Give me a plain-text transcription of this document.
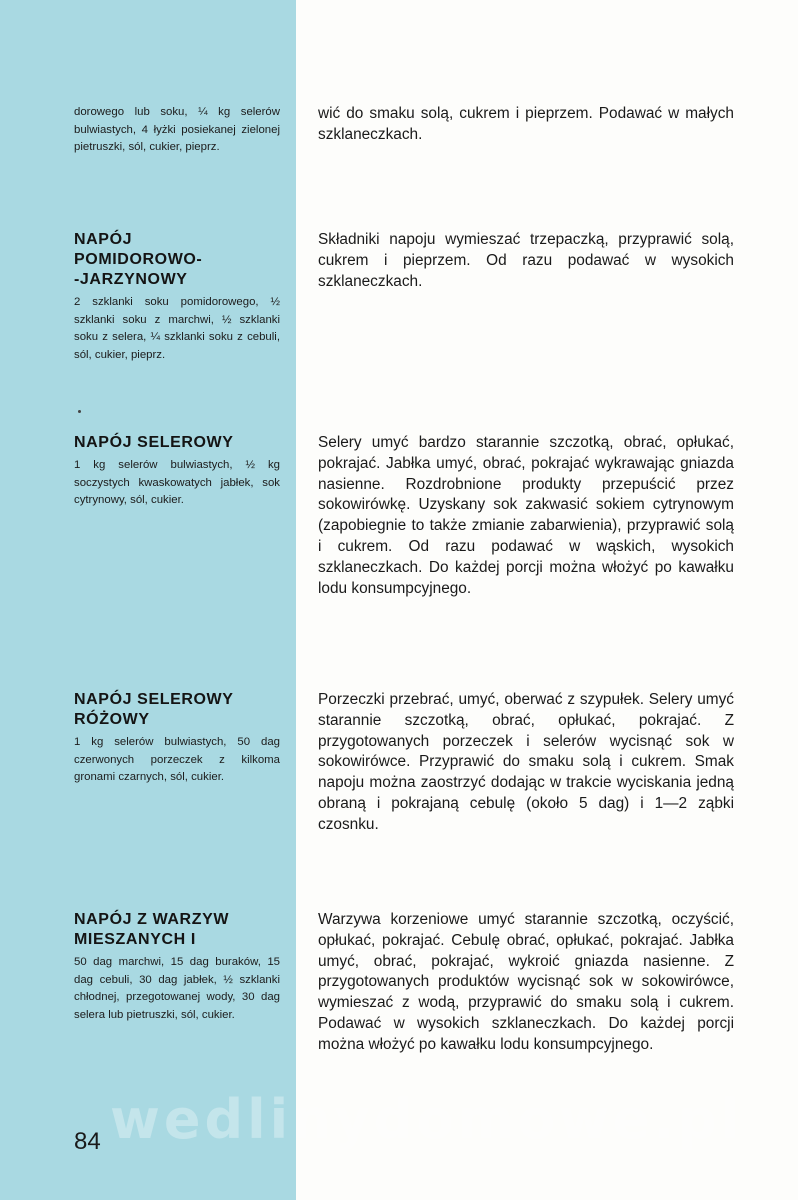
dorowego lub soku, ¼ kg selerów bulwiastych, 4 łyżki posiekanej zielonej pietruszki, sól, cukier, pieprz.

wić do smaku solą, cukrem i pieprzem. Podawać w małych szklaneczkach.

NAPÓJ
POMIDOROWO-
-JARZYNOWY

2 szklanki soku pomidorowego, ½ szklanki soku z marchwi, ½ szklanki soku z selera, ¼ szklanki soku z cebuli, sól, cukier, pieprz.

Składniki napoju wymieszać trzepaczką, przyprawić solą, cukrem i pieprzem. Od razu podawać w wysokich szklaneczkach.

NAPÓJ SELEROWY

1 kg selerów bulwiastych, ½ kg soczystych kwaskowatych jabłek, sok cytrynowy, sól, cukier.

Selery umyć bardzo starannie szczotką, obrać, opłukać, pokrajać. Jabłka umyć, obrać, pokrajać wykrawając gniazda nasienne. Rozdrobnione produkty przepuścić przez sokowirówkę. Uzyskany sok zakwasić sokiem cytrynowym (zapobiegnie to także zmianie zabarwienia), przyprawić solą i cukrem. Od razu podawać w wąskich, wysokich szklaneczkach. Do każdej porcji można włożyć po kawałku lodu konsumpcyjnego.

NAPÓJ SELEROWY
RÓŻOWY

1 kg selerów bulwiastych, 50 dag czerwonych porzeczek z kilkoma gronami czarnych, sól, cukier.

Porzeczki przebrać, umyć, oberwać z szypułek. Selery umyć starannie szczotką, obrać, opłukać, pokrajać. Z przygotowanych porzeczek i selerów wycisnąć sok w sokowirówce. Przyprawić do smaku solą i cukrem. Smak napoju można zaostrzyć dodając w trakcie wyciskania jedną obraną i pokrajaną cebulę (około 5 dag) i 1—2 ząbki czosnku.

NAPÓJ Z WARZYW
MIESZANYCH I

50 dag marchwi, 15 dag buraków, 15 dag cebuli, 30 dag jabłek, ½ szklanki chłodnej, przegotowanej wody, 30 dag selera lub pietruszki, sól, cukier.

Warzywa korzeniowe umyć starannie szczotką, oczyścić, opłukać, pokrajać. Cebulę obrać, opłukać, pokrajać. Jabłka umyć, obrać, pokrajać, wykroić gniazda nasienne. Z przygotowanych produktów wycisnąć sok w sokowirówce, wymieszać z wodą, przyprawić do smaku solą i cukrem. Podawać w wysokich szklaneczkach. Do każdej porcji można włożyć po kawałku lodu konsumpcyjnego.

wedlinydomowe.pl
84
